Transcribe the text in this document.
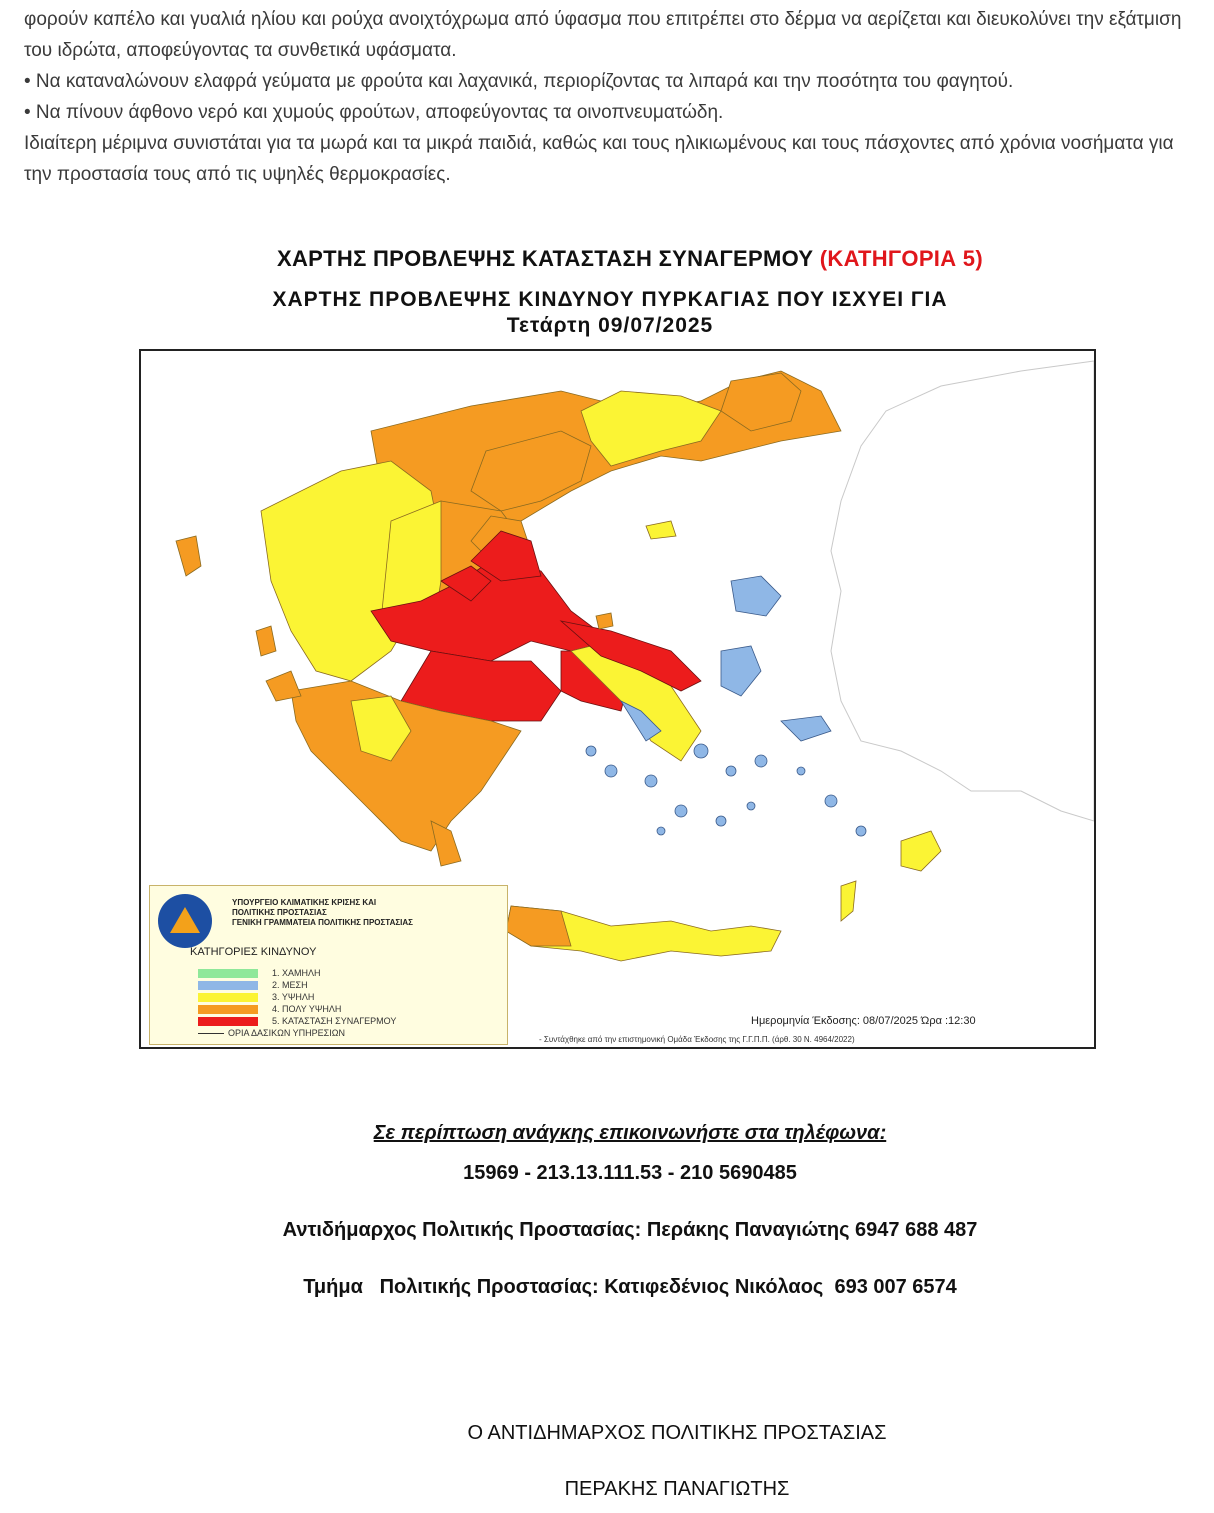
φορούν καπέλο και γυαλιά ηλίου και ρούχα ανοιχτόχρωμα από ύφασμα που επιτρέπει στο δέρμα να αερίζεται και διευκολύνει την εξάτμιση του ιδρώτα, αποφεύγοντας τα συνθετικά υφάσματα.

• Να καταναλώνουν ελαφρά γεύματα με φρούτα και λαχανικά, περιορίζοντας τα λιπαρά και την ποσότητα του φαγητού.

• Να πίνουν άφθονο νερό και χυμούς φρούτων, αποφεύγοντας τα οινοπνευματώδη.

Ιδιαίτερη μέριμνα συνιστάται για τα μωρά και τα μικρά παιδιά, καθώς και τους ηλικιωμένους και τους πάσχοντες από χρόνια νοσήματα για την προστασία τους από τις υψηλές θερμοκρασίες.

ΧΑΡΤΗΣ ΠΡΟΒΛΕΨΗΣ ΚΑΤΑΣΤΑΣΗ ΣΥΝΑΓΕΡΜΟΥ (ΚΑΤΗΓΟΡΙΑ 5)
ΧΑΡΤΗΣ ΠΡΟΒΛΕΨΗΣ ΚΙΝΔΥΝΟΥ ΠΥΡΚΑΓΙΑΣ ΠΟΥ ΙΣΧΥΕΙ ΓΙΑ
Τετάρτη 09/07/2025
ΥΠΟΥΡΓΕΙΟ ΚΛΙΜΑΤΙΚΗΣ ΚΡΙΣΗΣ ΚΑΙ
ΠΟΛΙΤΙΚΗΣ ΠΡΟΣΤΑΣΙΑΣ
ΓΕΝΙΚΗ ΓΡΑΜΜΑΤΕΙΑ ΠΟΛΙΤΙΚΗΣ ΠΡΟΣΤΑΣΙΑΣ
ΚΑΤΗΓΟΡΙΕΣ ΚΙΝΔΥΝΟΥ
1. ΧΑΜΗΛΗ
2. ΜΕΣΗ
3. ΥΨΗΛΗ
4. ΠΟΛΥ ΥΨΗΛΗ
5. ΚΑΤΑΣΤΑΣΗ ΣΥΝΑΓΕΡΜΟΥ
ΟΡΙΑ ΔΑΣΙΚΩΝ ΥΠΗΡΕΣΙΩΝ
Ημερομηνία Έκδοσης: 08/07/2025 Ώρα :12:30
- Συντάχθηκε από την επιστημονική Ομάδα Έκδοσης της Γ.Γ.Π.Π. (άρθ. 30 Ν. 4964/2022)
Σε περίπτωση ανάγκης επικοινωνήστε στα τηλέφωνα:
15969 - 213.13.111.53 - 210 5690485
Αντιδήμαρχος Πολιτικής Προστασίας: Περάκης Παναγιώτης 6947 688 487
Τμήμα   Πολιτικής Προστασίας: Κατιφεδένιος Νικόλαος  693 007 6574
Ο ΑΝΤΙΔΗΜΑΡΧΟΣ ΠΟΛΙΤΙΚΗΣ ΠΡΟΣΤΑΣΙΑΣ
ΠΕΡΑΚΗΣ ΠΑΝΑΓΙΩΤΗΣ
